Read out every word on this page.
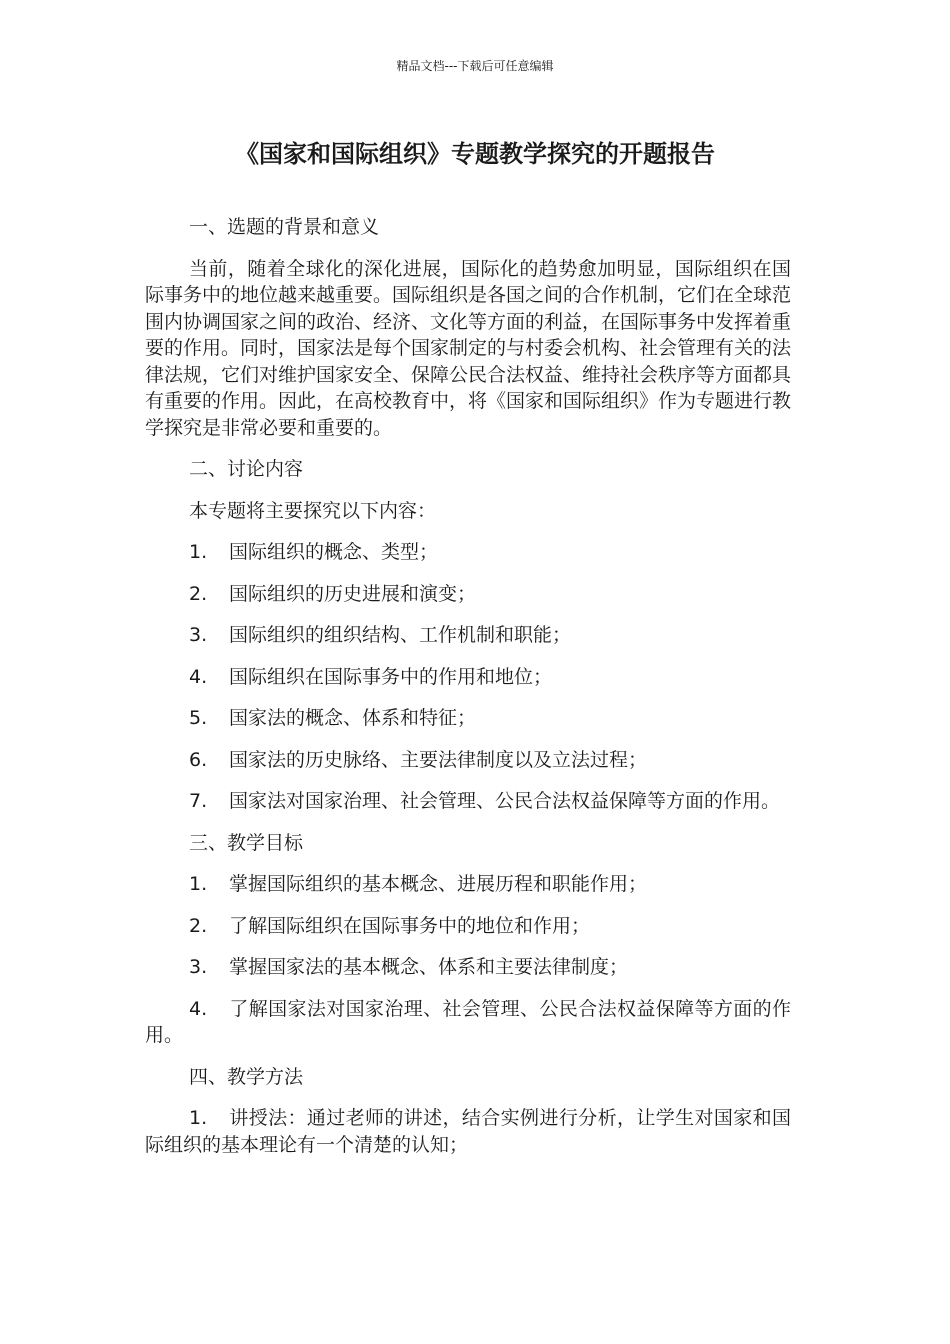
精品文档---下载后可任意编辑
《国家和国际组织》专题教学探究的开题报告

一、选题的背景和意义

当前，随着全球化的深化进展，国际化的趋势愈加明显，国际组织在国际事务中的地位越来越重要。国际组织是各国之间的合作机制，它们在全球范围内协调国家之间的政治、经济、文化等方面的利益，在国际事务中发挥着重要的作用。同时，国家法是每个国家制定的与村委会机构、社会管理有关的法律法规，它们对维护国家安全、保障公民合法权益、维持社会秩序等方面都具有重要的作用。因此，在高校教育中，将《国家和国际组织》作为专题进行教学探究是非常必要和重要的。

二、讨论内容

本专题将主要探究以下内容：

1. 国际组织的概念、类型；

2. 国际组织的历史进展和演变；

3. 国际组织的组织结构、工作机制和职能；

4. 国际组织在国际事务中的作用和地位；

5. 国家法的概念、体系和特征；

6. 国家法的历史脉络、主要法律制度以及立法过程；

7. 国家法对国家治理、社会管理、公民合法权益保障等方面的作用。

三、教学目标

1. 掌握国际组织的基本概念、进展历程和职能作用；

2. 了解国际组织在国际事务中的地位和作用；

3. 掌握国家法的基本概念、体系和主要法律制度；

4. 了解国家法对国家治理、社会管理、公民合法权益保障等方面的作用。

四、教学方法

1. 讲授法：通过老师的讲述，结合实例进行分析，让学生对国家和国际组织的基本理论有一个清楚的认知；
